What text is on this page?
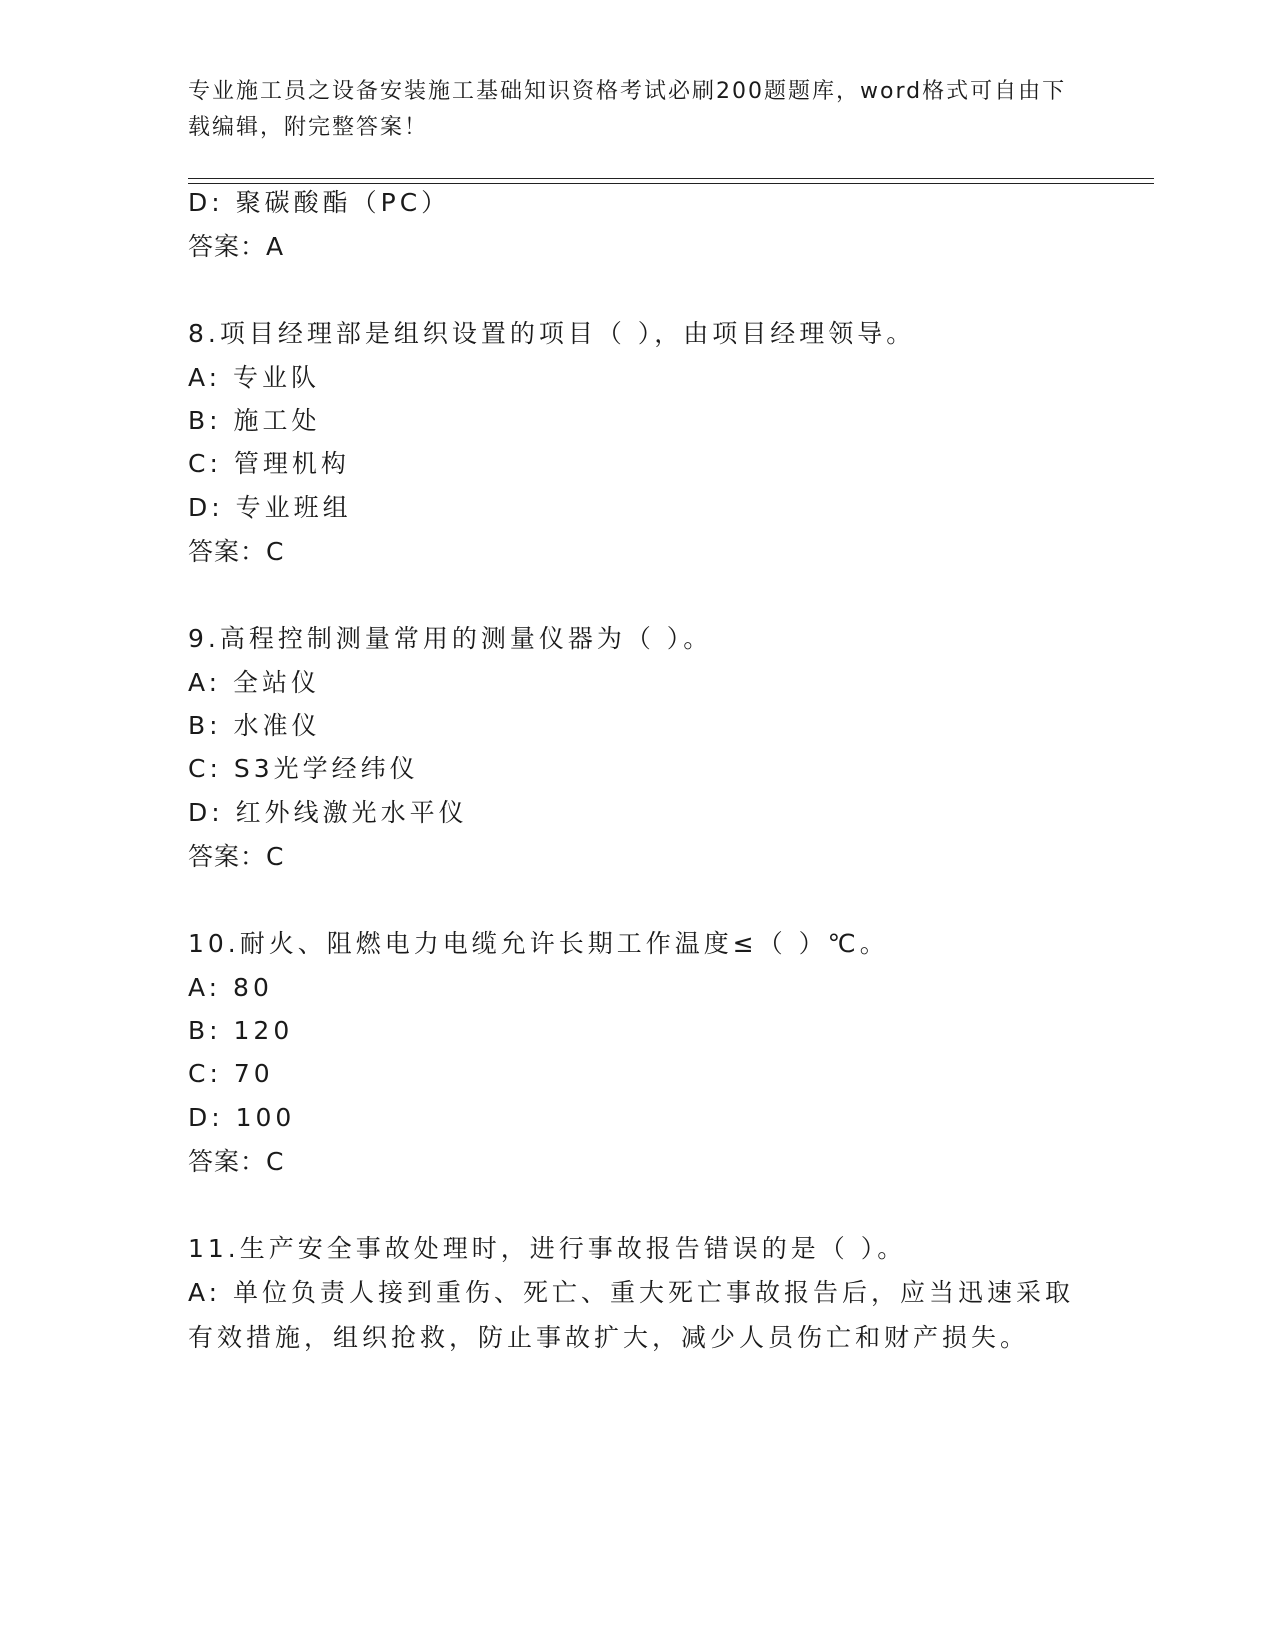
专业施工员之设备安装施工基础知识资格考试必刷200题题库，word格式可自由下载编辑，附完整答案！
D: 聚碳酸酯（PC）
答案：A
8.项目经理部是组织设置的项目（ ），由项目经理领导。
A: 专业队
B: 施工处
C: 管理机构
D: 专业班组
答案：C
9.高程控制测量常用的测量仪器为（ ）。
A: 全站仪
B: 水准仪
C: S3光学经纬仪
D: 红外线激光水平仪
答案：C
10.耐火、阻燃电力电缆允许长期工作温度≤（ ）℃。
A: 80
B: 120
C: 70
D: 100
答案：C
11.生产安全事故处理时，进行事故报告错误的是（ ）。
A: 单位负责人接到重伤、死亡、重大死亡事故报告后，应当迅速采取有效措施，组织抢救，防止事故扩大，减少人员伤亡和财产损失。
